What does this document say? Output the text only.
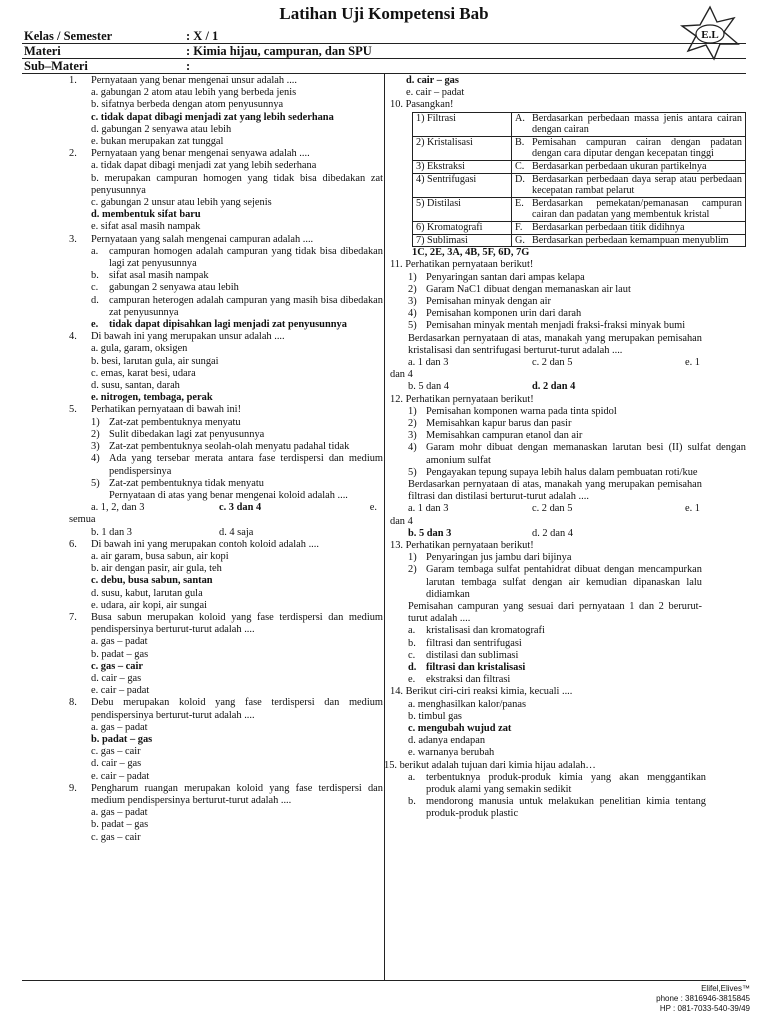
Latihan Uji Kompetensi Bab
E.L
Kelas / Semester	: X / 1
Materi	: Kimia hijau, campuran, dan SPU
Sub–Materi	:
1. Pernyataan yang benar mengenai unsur adalah ....
a. gabungan 2 atom atau lebih yang berbeda jenis
b. sifatnya berbeda dengan atom penyusunnya
c. tidak dapat dibagi menjadi zat yang lebih sederhana
d. gabungan 2 senyawa atau lebih
e. bukan merupakan zat tunggal
2. Pernyataan yang benar mengenai senyawa adalah ....
a. tidak dapat dibagi menjadi zat yang lebih sederhana
b. merupakan campuran homogen yang tidak bisa dibedakan zat penyusunnya
c. gabungan 2 unsur atau lebih yang sejenis
d. membentuk sifat baru
e. sifat asal masih nampak
3. Pernyataan yang salah mengenai campuran adalah ....
a.	campuran homogen adalah campuran yang tidak bisa dibedakan lagi zat penyusunnya
b. sifat asal masih nampak
c.	gabungan 2 senyawa atau lebih
d. campuran heterogen adalah campuran yang masih bisa dibedakan zat penyusunnya
e.	tidak dapat dipisahkan lagi menjadi zat penyusunnya
4. Di bawah ini yang merupakan unsur adalah ....
a. gula, garam, oksigen
b. besi, larutan gula, air sungai
c. emas, karat besi, udara
d. susu, santan, darah
e. nitrogen, tembaga, perak
5. Perhatikan pernyataan di bawah ini!
1) Zat-zat pembentuknya menyatu
2) Sulit dibedakan lagi zat penyusunnya
3) Zat-zat pembentuknya seolah-olah menyatu padahal tidak
4) Ada yang tersebar merata antara fase terdispersi dan medium pendispersinya
5) Zat-zat pembentuknya tidak menyatu
Pernyataan di atas yang benar mengenai koloid adalah ....
a. 1, 2, dan 3	c. 3 dan 4	e.
semua
b. 1 dan 3	d. 4 saja
6. Di bawah ini yang merupakan contoh koloid adalah ....
a. air garam, busa sabun, air kopi
b. air dengan pasir, air gula, teh
c. debu, busa sabun, santan
d. susu, kabut, larutan gula
e. udara, air kopi, air sungai
7. Busa sabun merupakan koloid yang fase terdispersi dan medium pendispersinya berturut-turut adalah ....
a. gas – padat
b. padat – gas
c. gas – cair
d. cair – gas
e. cair – padat
8. Debu merupakan koloid yang fase terdispersi dan medium pendispersinya berturut-turut adalah ....
a. gas – padat
b. padat – gas
c. gas – cair
d. cair – gas
e. cair – padat
9. Pengharum ruangan merupakan koloid yang fase terdispersi dan medium pendispersinya berturut-turut adalah ....
a. gas – padat
b. padat – gas
c. gas – cair
d. cair – gas
e. cair – padat
10. Pasangkan!
1) Filtrasi	A.	Berdasarkan perbedaan massa jenis antara cairan dengan cairan
2) Kristalisasi	B.	Pemisahan campuran cairan dengan padatan dengan cara diputar dengan kecepatan tinggi
3) Ekstraksi	C.	Berdasarkan perbedaan ukuran partikelnya
4) Sentrifugasi	D.	Berdasarkan perbedaan daya serap atau perbedaan kecepatan rambat pelarut
5) Distilasi	E.	Berdasarkan pemekatan/pemanasan campuran cairan dan padatan yang membentuk kristal
6) Kromatografi	F.	Berdasarkan perbedaan titik didihnya
7) Sublimasi	G.	Berdasarkan perbedaan kemampuan menyublim
1C, 2E, 3A, 4B, 5F, 6D, 7G
11. Perhatikan pernyataan berikut!
1) Penyaringan santan dari ampas kelapa
2) Garam NaC1 dibuat dengan memanaskan air laut
3) Pemisahan minyak dengan air
4) Pemisahan komponen urin dari darah
5) Pemisahan minyak mentah menjadi fraksi-fraksi minyak bumi
Berdasarkan pernyataan di atas, manakah yang merupakan pemisahan kristalisasi dan sentrifugasi berturut-turut adalah ....
a. 1 dan 3	c. 2 dan 5	e. 1
dan 4
b. 5 dan 4	d. 2 dan 4
12. Perhatikan pernyataan berikut!
1) Pemisahan komponen warna pada tinta spidol
2) Memisahkan kapur barus dan pasir
3) Memisahkan campuran etanol dan air
4) Garam mohr dibuat dengan memanaskan larutan besi (II) sulfat dengan amonium sulfat
5) Pengayakan tepung supaya lebih halus dalam pembuatan roti/kue
Berdasarkan pernyataan di atas, manakah yang merupakan pemisahan filtrasi dan distilasi berturut-turut adalah ....
a. 1 dan 3	c. 2 dan 5	e. 1
dan 4
b. 5 dan 3	d. 2 dan 4
13. Perhatikan pernyataan berikut!
1) Penyaringan jus jambu dari bijinya
2) Garam tembaga sulfat pentahidrat dibuat dengan mencampurkan larutan tembaga sulfat dengan air kemudian dipanaskan lalu didiamkan
Pemisahan campuran yang sesuai dari pernyataan 1 dan 2 berurut-turut adalah ....
a.	kristalisasi dan kromatografi
b. filtrasi dan sentrifugasi
c.	distilasi dan sublimasi
d. filtrasi dan kristalisasi
e.	ekstraksi dan filtrasi
14. Berikut ciri-ciri reaksi kimia, kecuali ....
a. menghasilkan kalor/panas
b. timbul gas
c. mengubah wujud zat
d. adanya endapan
e. warnanya berubah
15. berikut adalah tujuan dari kimia hijau adalah…
a.	terbentuknya produk-produk kimia yang akan menggantikan produk alami yang semakin sedikit
b. mendorong manusia untuk melakukan penelitian kimia tentang produk-produk plastic
Elifel,Elives™
phone : 3816946-3815845
HP : 081-7033-540-39/49
